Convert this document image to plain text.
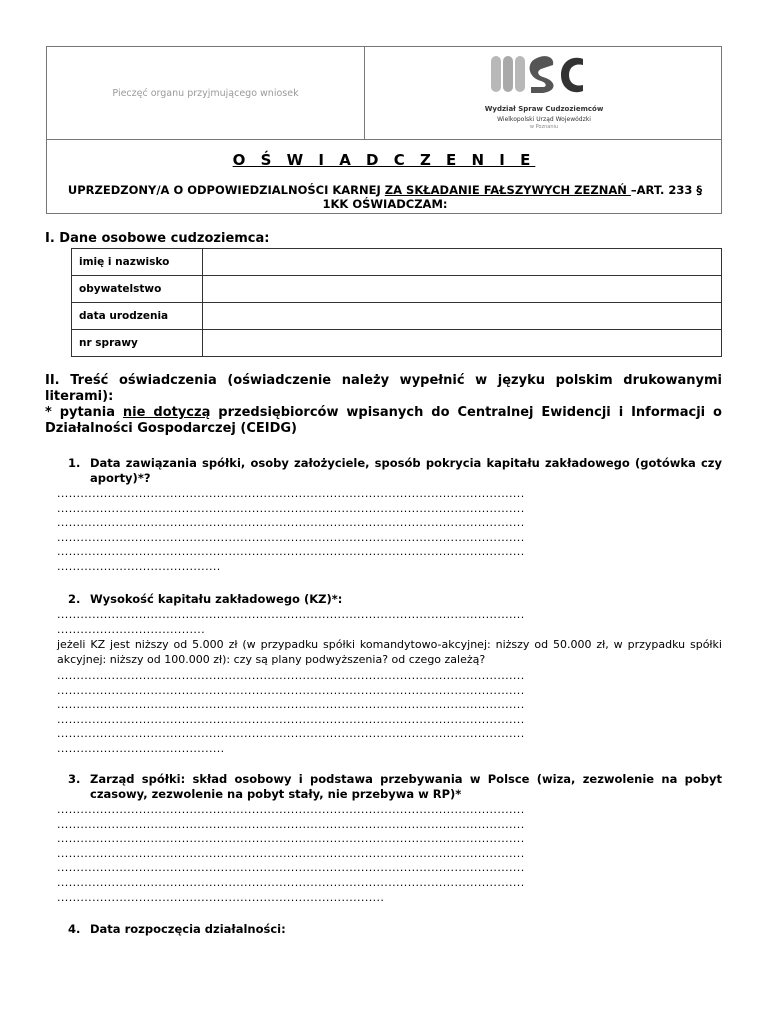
Pieczęć organu przyjmującego wniosek
Wydział Spraw Cudzoziemców
Wielkopolski Urząd Wojewódzki
w Poznaniu
O Ś W I A D C Z E N I E
UPRZEDZONY/A O ODPOWIEDZIALNOŚCI KARNEJ ZA SKŁADANIE FAŁSZYWYCH ZEZNAŃ –ART. 233 § 1KK OŚWIADCZAM:
I. Dane osobowe cudzoziemca:
imię i nazwisko	
obywatelstwo	
data urodzenia	
nr sprawy	
II. Treść oświadczenia (oświadczenie należy wypełnić w języku polskim drukowanymi literami):
* pytania nie dotyczą przedsiębiorców wpisanych do Centralnej Ewidencji i Informacji o Działalności Gospodarczej (CEIDG)
1. Data zawiązania spółki, osoby założyciele, sposób pokrycia kapitału zakładowego (gotówka czy aporty)*?
........................................................................................................................
........................................................................................................................
........................................................................................................................
........................................................................................................................
........................................................................................................................
..........................................
2. Wysokość kapitału zakładowego (KZ)*:
........................................................................................................................
......................................
jeżeli KZ jest niższy od 5.000 zł (w przypadku spółki komandytowo-akcyjnej: niższy od 50.000 zł, w przypadku spółki akcyjnej: niższy od 100.000 zł): czy są plany podwyższenia? od czego zależą?
........................................................................................................................
........................................................................................................................
........................................................................................................................
........................................................................................................................
........................................................................................................................
...........................................
3. Zarząd spółki: skład osobowy i podstawa przebywania w Polsce (wiza, zezwolenie na pobyt czasowy, zezwolenie na pobyt stały, nie przebywa w RP)*
........................................................................................................................
........................................................................................................................
........................................................................................................................
........................................................................................................................
........................................................................................................................
........................................................................................................................
....................................................................................
4. Data rozpoczęcia działalności:
